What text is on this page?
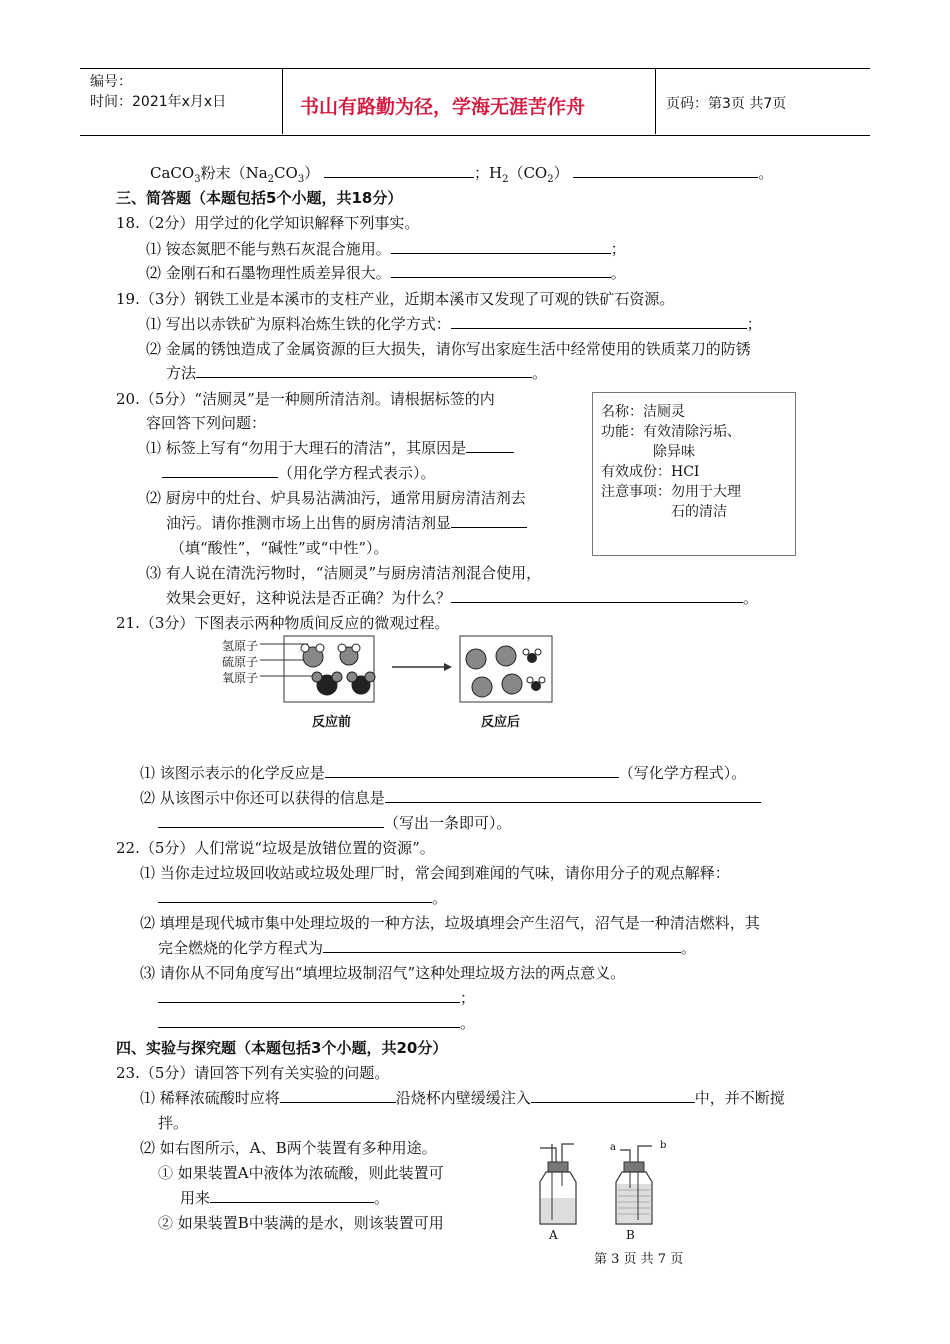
编号：
时间：2021年x月x日	书山有路勤为径，学海无涯苦作舟	页码：第3页 共7页
CaCO$_3$粉末$(Na_2CO_3)$	；$H_2(CO_2)$	。
三、简答题（本题包括5个小题，共18分）
18.（2分）用学过的化学知识解释下列事实。
⑴ 铵态氮肥不能与熟石灰混合施用。	；
⑵ 金刚石和石墨物理性质差异很大。	。
19.（3分）钢铁工业是本溪市的支柱产业，近期本溪市又发现了可观的铁矿石资源。
⑴ 写出以赤铁矿为原料冶炼生铁的化学方式：	；
⑵ 金属的锈蚀造成了金属资源的巨大损失，请你写出家庭生活中经常使用的铁质菜刀的防锈
方法	。
20.（5分）“洁厕灵”是一种厕所清洁剂。请根据标签的内
容回答下列问题：
⑴ 标签上写有“勿用于大理石的清洁”，其原因是
（用化学方程式表示）。
⑵ 厨房中的灶台、炉具易沾满油污，通常用厨房清洁剂去
油污。请你推测市场上出售的厨房清洁剂显
（填“酸性”，“碱性”或“中性”）。
⑶ 有人说在清洗污物时，“洁厕灵”与厨房清洁剂混合使用，
效果会更好，这种说法是否正确？为什么？	。
名称：洁厕灵
功能：有效清除污垢、
除异味
有效成份：HCI
注意事项：勿用于大理
石的清洁
21.（3分）下图表示两种物质间反应的微观过程。
氢原子
硫原子
氧原子
反应前	反应后
⑴ 该图示表示的化学反应是	（写化学方程式）。
⑵ 从该图示中你还可以获得的信息是
（写出一条即可）。
22.（5分）人们常说“垃圾是放错位置的资源”。
⑴ 当你走过垃圾回收站或垃圾处理厂时，常会闻到难闻的气味，请你用分子的观点解释：
。
⑵ 填埋是现代城市集中处理垃圾的一种方法，垃圾填埋会产生沼气，沼气是一种清洁燃料，其
完全燃烧的化学方程式为	。
⑶ 请你从不同角度写出“填埋垃圾制沼气”这种处理垃圾方法的两点意义。
；
。
四、实验与探究题（本题包括3个小题，共20分）
23.（5分）请回答下列有关实验的问题。
⑴ 稀释浓硫酸时应将	沿烧杯内壁缓缓注入	中，并不断搅
拌。
⑵ 如右图所示，A、B两个装置有多种用途。
① 如果装置A中液体为浓硫酸，则此装置可
用来	。
② 如果装置B中装满的是水，则该装置可用
A	B
a	b
第 3 页 共 7 页
